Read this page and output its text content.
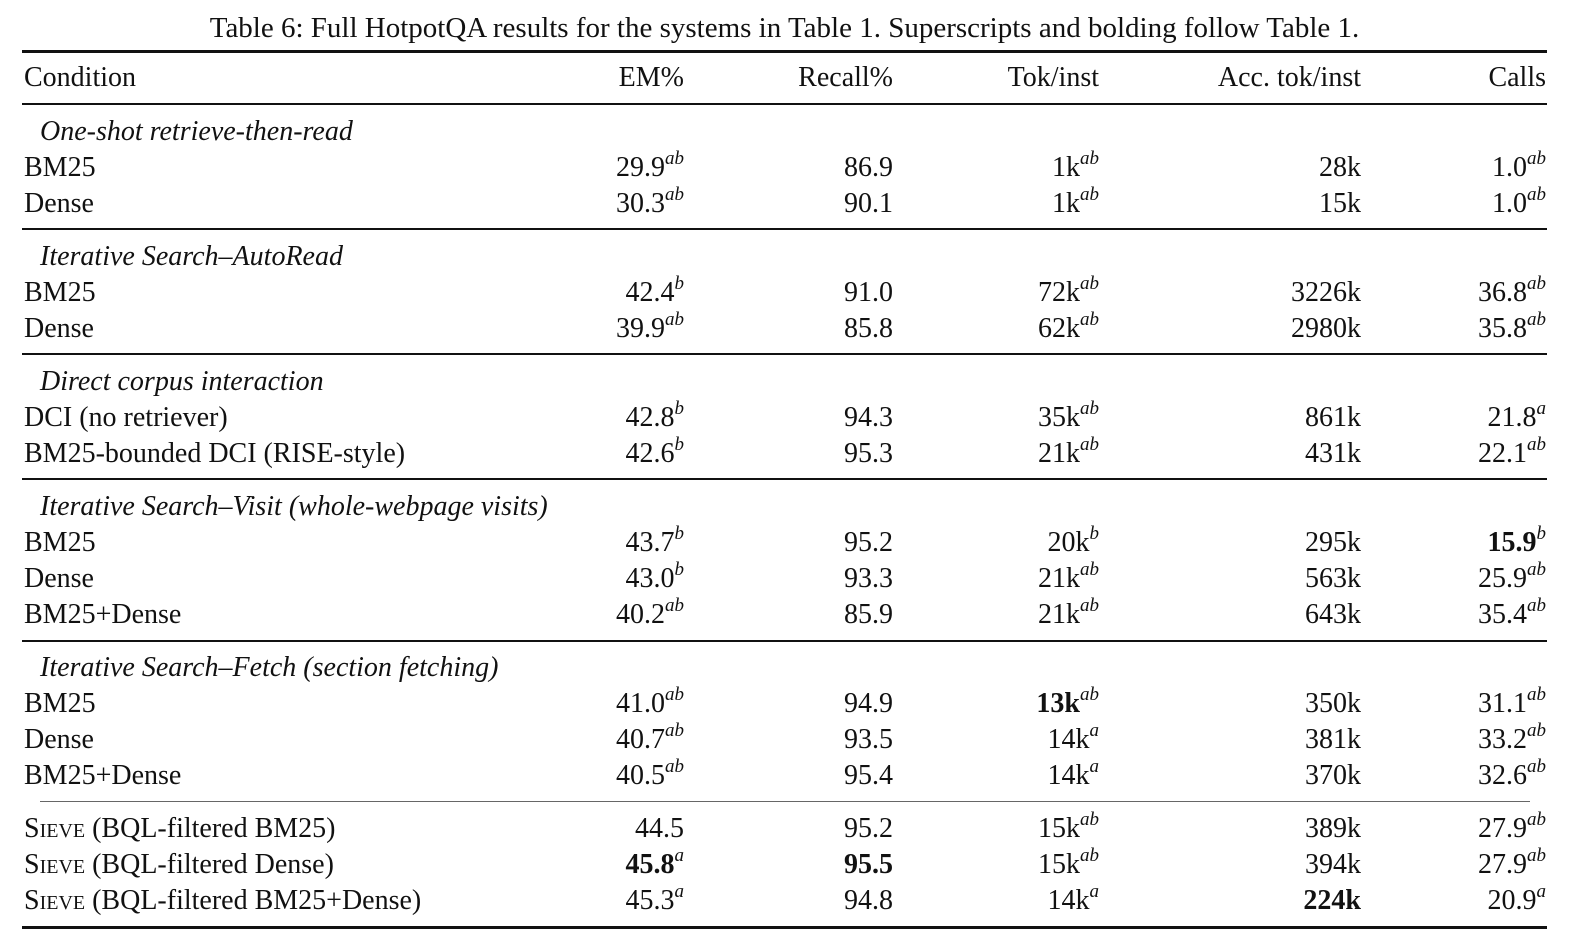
Table 6: Full HotpotQA results for the systems in Table 1. Superscripts and bolding follow Table 1.
Condition	EM%	Recall%	Tok/inst	Acc. tok/inst	Calls
One-shot retrieve-then-read
BM25	29.9$^{ab}$	86.9	$1k^{ab}$	28k	1.0$^{ab}$
Dense	30.3$^{ab}$	90.1	$1k^{ab}$	15k	1.0$^{ab}$
Iterative Search–AutoRead
BM25	42.4$^b$	91.0	$72k^{ab}$	3226k	36.8$^{ab}$
Dense	39.9$^{ab}$	85.8	$62k^{ab}$	2980k	35.8$^{ab}$
Direct corpus interaction
DCI (no retriever)	42.8$^b$	94.3	$35k^{ab}$	861k	21.8$^a$
BM25-bounded DCI (RISE-style)	42.6$^b$	95.3	$21k^{ab}$	431k	22.1$^{ab}$
Iterative Search–Visit (whole-webpage visits)
BM25	43.7$^b$	95.2	$20k^b$	295k	15.9$^b$
Dense	43.0$^b$	93.3	$21k^{ab}$	563k	25.9$^{ab}$
BM25+Dense	40.2$^{ab}$	85.9	$21k^{ab}$	643k	35.4$^{ab}$
Iterative Search–Fetch (section fetching)
BM25	41.0$^{ab}$	94.9	$13k^{ab}$	350k	31.1$^{ab}$
Dense	40.7$^{ab}$	93.5	$14k^a$	381k	33.2$^{ab}$
BM25+Dense	40.5$^{ab}$	95.4	$14k^a$	370k	32.6$^{ab}$
Sieve (BQL-filtered BM25)	44.5	95.2	$15k^{ab}$	389k	27.9$^{ab}$
Sieve (BQL-filtered Dense)	45.8$^a$	95.5	$15k^{ab}$	394k	27.9$^{ab}$
Sieve (BQL-filtered BM25+Dense)	45.3$^a$	94.8	$14k^a$	224k	20.9$^a$
